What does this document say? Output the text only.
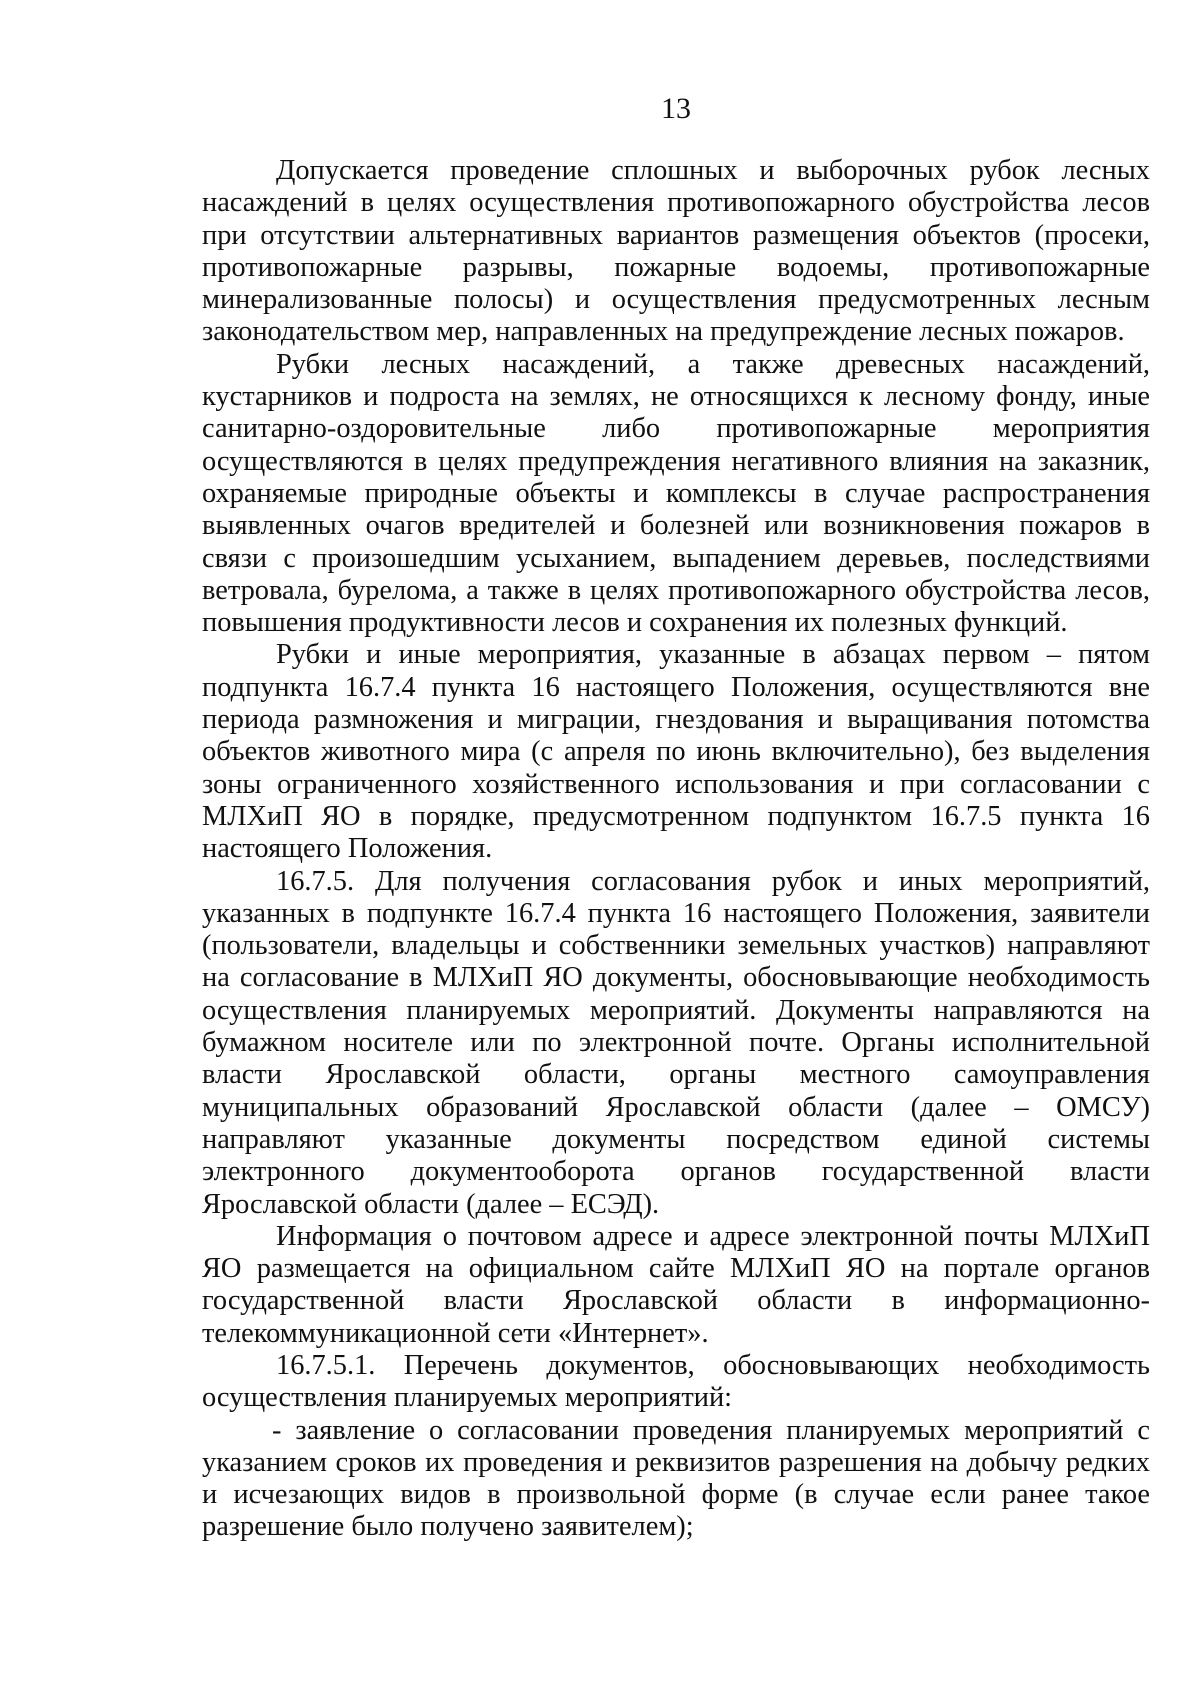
13

Допускается проведение сплошных и выборочных рубок лесных насаждений в целях осуществления противопожарного обустройства лесов при отсутствии альтернативных вариантов размещения объектов (просеки, противопожарные разрывы, пожарные водоемы, противопожарные минерализованные полосы) и осуществления предусмотренных лесным законодательством мер, направленных на предупреждение лесных пожаров.

Рубки лесных насаждений, а также древесных насаждений, кустарников и подроста на землях, не относящихся к лесному фонду, иные санитарно-оздоровительные либо противопожарные мероприятия осуществляются в целях предупреждения негативного влияния на заказник, охраняемые природные объекты и комплексы в случае распространения выявленных очагов вредителей и болезней или возникновения пожаров в связи с произошедшим усыханием, выпадением деревьев, последствиями ветровала, бурелома, а также в целях противопожарного обустройства лесов, повышения продуктивности лесов и сохранения их полезных функций.

Рубки и иные мероприятия, указанные в абзацах первом – пятом подпункта 16.7.4 пункта 16 настоящего Положения, осуществляются вне периода размножения и миграции, гнездования и выращивания потомства объектов животного мира (с апреля по июнь включительно), без выделения зоны ограниченного хозяйственного использования и при согласовании с МЛХиП ЯО в порядке, предусмотренном подпунктом 16.7.5 пункта 16 настоящего Положения.

16.7.5. Для получения согласования рубок и иных мероприятий, указанных в подпункте 16.7.4 пункта 16 настоящего Положения, заявители (пользователи, владельцы и собственники земельных участков) направляют на согласование в МЛХиП ЯО документы, обосновывающие необходимость осуществления планируемых мероприятий. Документы направляются на бумажном носителе или по электронной почте. Органы исполнительной власти Ярославской области, органы местного самоуправления муниципальных образований Ярославской области (далее – ОМСУ) направляют указанные документы посредством единой системы электронного документооборота органов государственной власти Ярославской области (далее – ЕСЭД).

Информация о почтовом адресе и адресе электронной почты МЛХиП ЯО размещается на официальном сайте МЛХиП ЯО на портале органов государственной власти Ярославской области в информационно-телекоммуникационной сети «Интернет».

16.7.5.1. Перечень документов, обосновывающих необходимость осуществления планируемых мероприятий:

- заявление о согласовании проведения планируемых мероприятий с указанием сроков их проведения и реквизитов разрешения на добычу редких и исчезающих видов в произвольной форме (в случае если ранее такое разрешение было получено заявителем);
